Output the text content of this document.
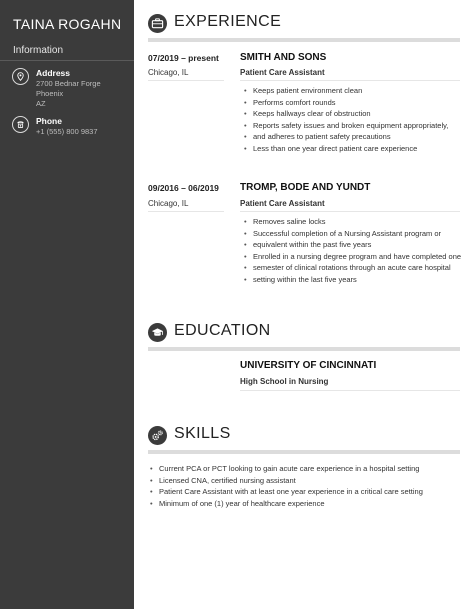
TAINA ROGAHN
Information
Address
2700 Bednar Forge
Phoenix
AZ
Phone
+1 (555) 800 9837
EXPERIENCE
07/2019 – present
Chicago, IL
SMITH AND SONS
Patient Care Assistant
• Keeps patient environment clean
• Performs comfort rounds
• Keeps hallways clear of obstruction
• Reports safety issues and broken equipment appropriately,
• and adheres to patient safety precautions
• Less than one year direct patient care experience
09/2016 – 06/2019
Chicago, IL
TROMP, BODE AND YUNDT
Patient Care Assistant
• Removes saline locks
• Successful completion of a Nursing Assistant program or
• equivalent within the past five years
• Enrolled in a nursing degree program and have completed one
• semester of clinical rotations through an acute care hospital
• setting within the last five years
EDUCATION
UNIVERSITY OF CINCINNATI
High School in Nursing
SKILLS
• Current PCA or PCT looking to gain acute care experience in a hospital setting
• Licensed CNA, certified nursing assistant
• Patient Care Assistant with at least one year experience in a critical care setting
• Minimum of one (1) year of healthcare experience
